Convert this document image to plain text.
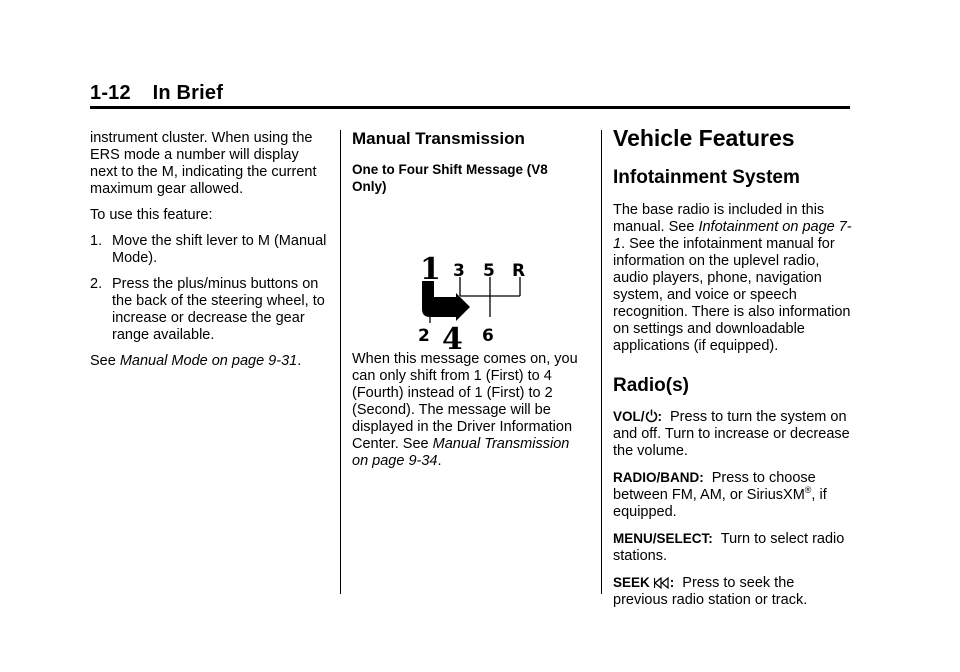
1-12 In Brief

instrument cluster. When using the ERS mode a number will display next to the M, indicating the current maximum gear allowed.

To use this feature:

1. Move the shift lever to M (Manual Mode).
2. Press the plus/minus buttons on the back of the steering wheel, to increase or decrease the gear range available.

See Manual Mode on page 9-31.

Manual Transmission
One to Four Shift Message (V8 Only)
1 3 5 R
2 4 6

When this message comes on, you can only shift from 1 (First) to 4 (Fourth) instead of 1 (First) to 2 (Second). The message will be displayed in the Driver Information Center. See Manual Transmission on page 9-34.

Vehicle Features
Infotainment System

The base radio is included in this manual. See Infotainment on page 7-1. See the infotainment manual for information on the uplevel radio, audio players, phone, navigation system, and voice or speech recognition. There is also information on settings and downloadable applications (if equipped).

Radio(s)

VOL/ : Press to turn the system on and off. Turn to increase or decrease the volume.

RADIO/BAND: Press to choose between FM, AM, or SiriusXM®, if equipped.

MENU/SELECT: Turn to select radio stations.

SEEK : Press to seek the previous radio station or track.
